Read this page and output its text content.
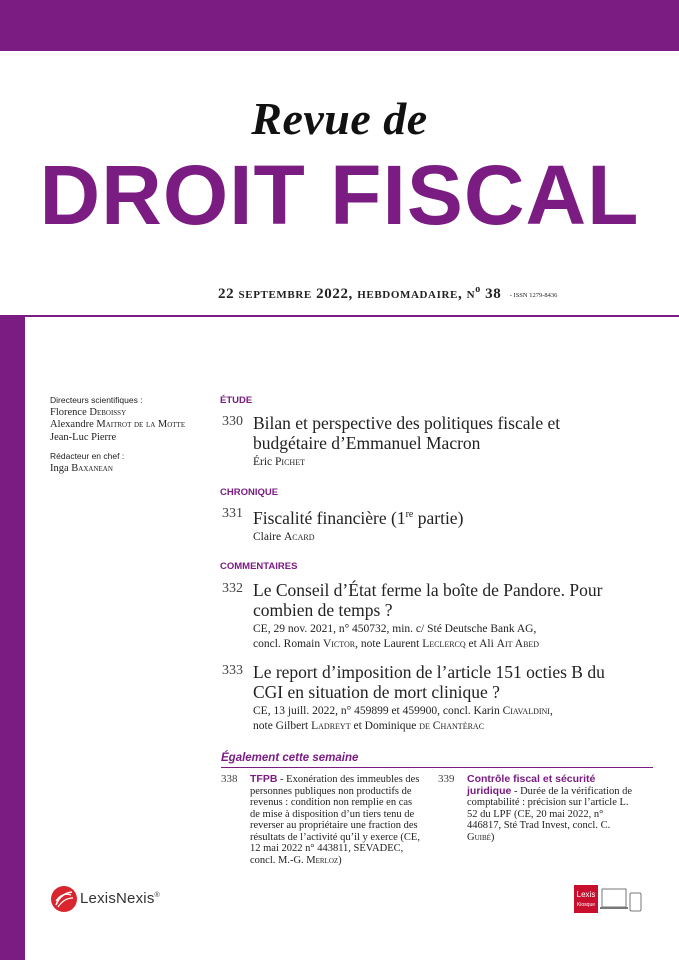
Revue de
DROIT FISCAL
22 septembre 2022, hebdomadaire, $n^o$ 38 - ISSN 1279-8436
Directeurs scientifiques :
Florence Deboissy
Alexandre Maitrot de la Motte
Jean-Luc Pierre
Rédacteur en chef :
Inga Baxanean
ÉTUDE
330 Bilan et perspective des politiques fiscale et budgétaire d’Emmanuel Macron
Éric Pichet
CHRONIQUE
331 Fiscalité financière (1re partie)
Claire Acard
COMMENTAIRES
332 Le Conseil d’État ferme la boîte de Pandore. Pour combien de temps ?
CE, 29 nov. 2021, n° 450732, min. c/ Sté Deutsche Bank AG,
concl. Romain Victor, note Laurent Leclercq et Ali Ait Abed
333 Le report d’imposition de l’article 151 octies B du CGI en situation de mort clinique ?
CE, 13 juill. 2022, n° 459899 et 459900, concl. Karin Ciavaldini,
note Gilbert Ladreyt et Dominique de Chantérac
Également cette semaine
338 TFPB - Exonération des immeubles des personnes publiques non productifs de revenus : condition non remplie en cas de mise à disposition d’un tiers tenu de reverser au propriétaire une fraction des résultats de l’activité qu’il y exerce (CE, 12 mai 2022 n° 443811, SEVADEC, concl. M.-G. Merloz)
339 Contrôle fiscal et sécurité juridique - Durée de la vérification de comptabilité : précision sur l’article L. 52 du LPF (CE, 20 mai 2022, n° 446817, Sté Trad Invest, concl. C. Guibé)
LexisNexis®	Lexis
Kiosque
